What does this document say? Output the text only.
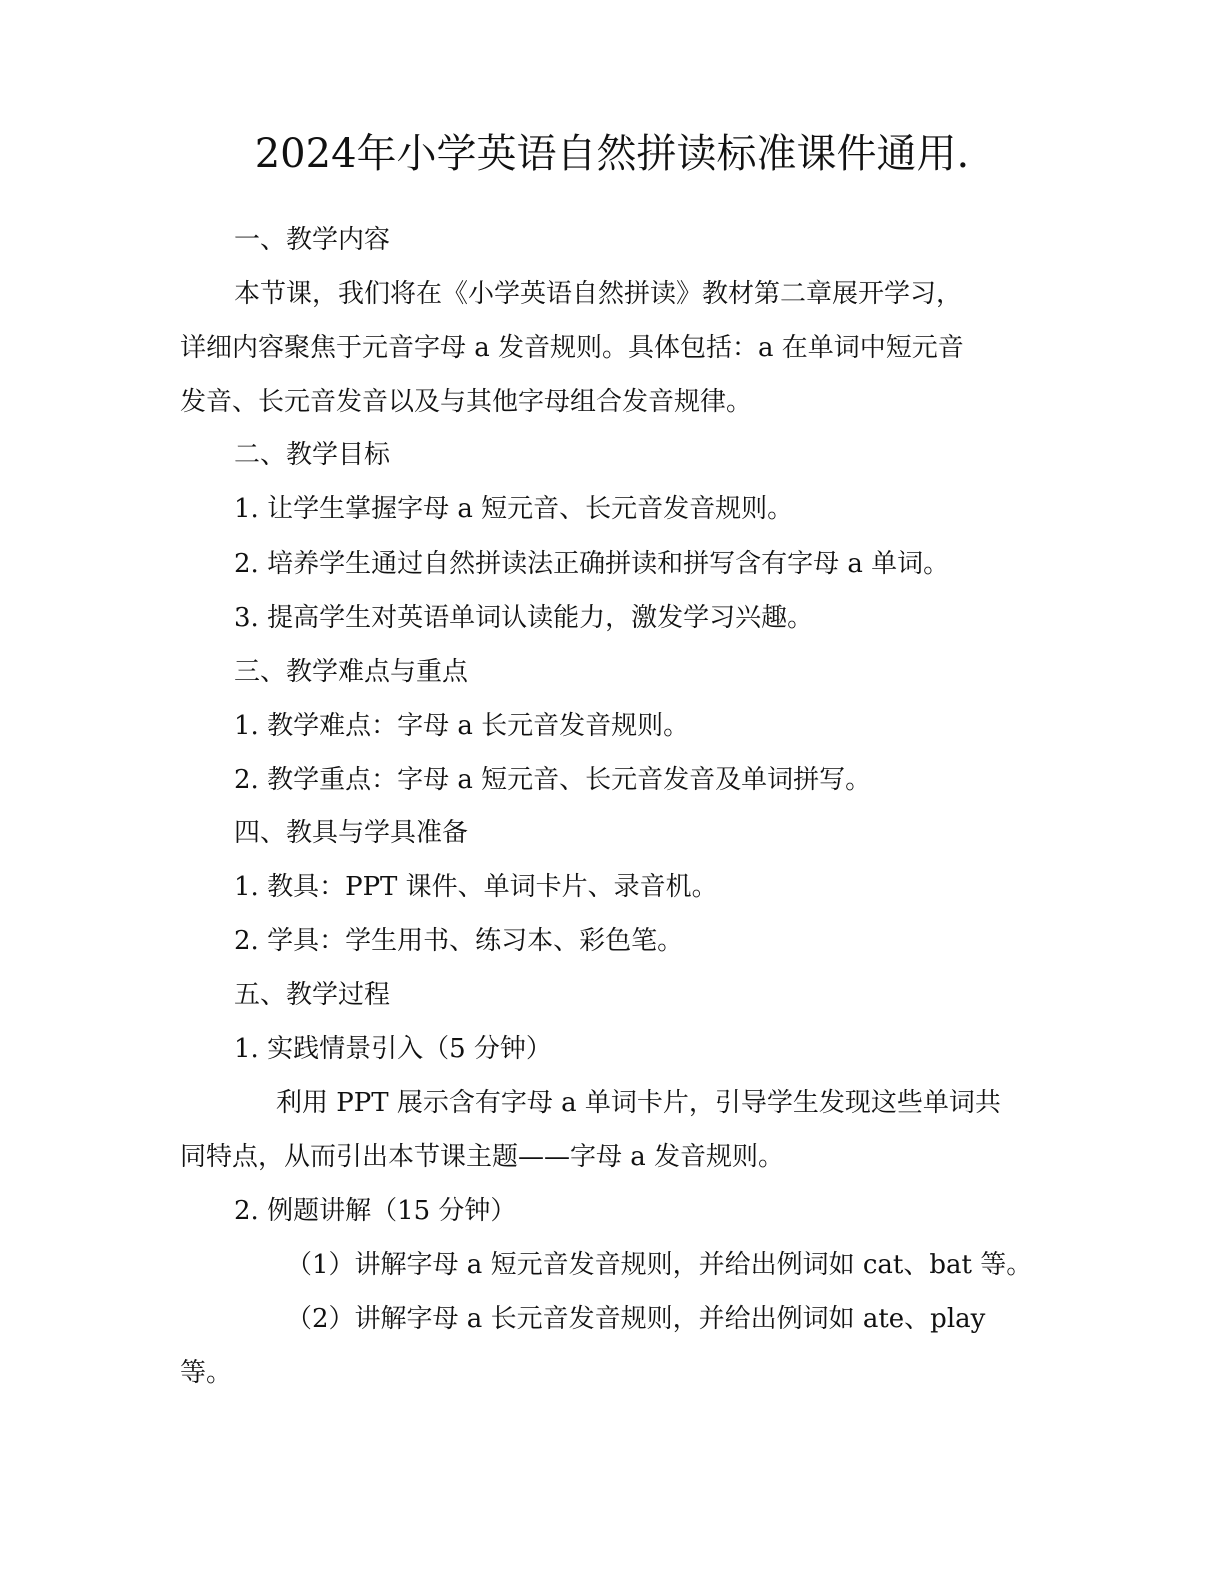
2024年小学英语自然拼读标准课件通用.
一、教学内容
本节课，我们将在《小学英语自然拼读》教材第二章展开学习，
详细内容聚焦于元音字母 a 发音规则。具体包括：a 在单词中短元音
发音、长元音发音以及与其他字母组合发音规律。
二、教学目标
1. 让学生掌握字母 a 短元音、长元音发音规则。
2. 培养学生通过自然拼读法正确拼读和拼写含有字母 a 单词。
3. 提高学生对英语单词认读能力，激发学习兴趣。
三、教学难点与重点
1. 教学难点：字母 a 长元音发音规则。
2. 教学重点：字母 a 短元音、长元音发音及单词拼写。
四、教具与学具准备
1. 教具：PPT 课件、单词卡片、录音机。
2. 学具：学生用书、练习本、彩色笔。
五、教学过程
1. 实践情景引入（5 分钟）
利用 PPT 展示含有字母 a 单词卡片，引导学生发现这些单词共
同特点，从而引出本节课主题——字母 a 发音规则。
2. 例题讲解（15 分钟）
（1）讲解字母 a 短元音发音规则，并给出例词如 cat、bat 等。
（2）讲解字母 a 长元音发音规则，并给出例词如 ate、play
等。
